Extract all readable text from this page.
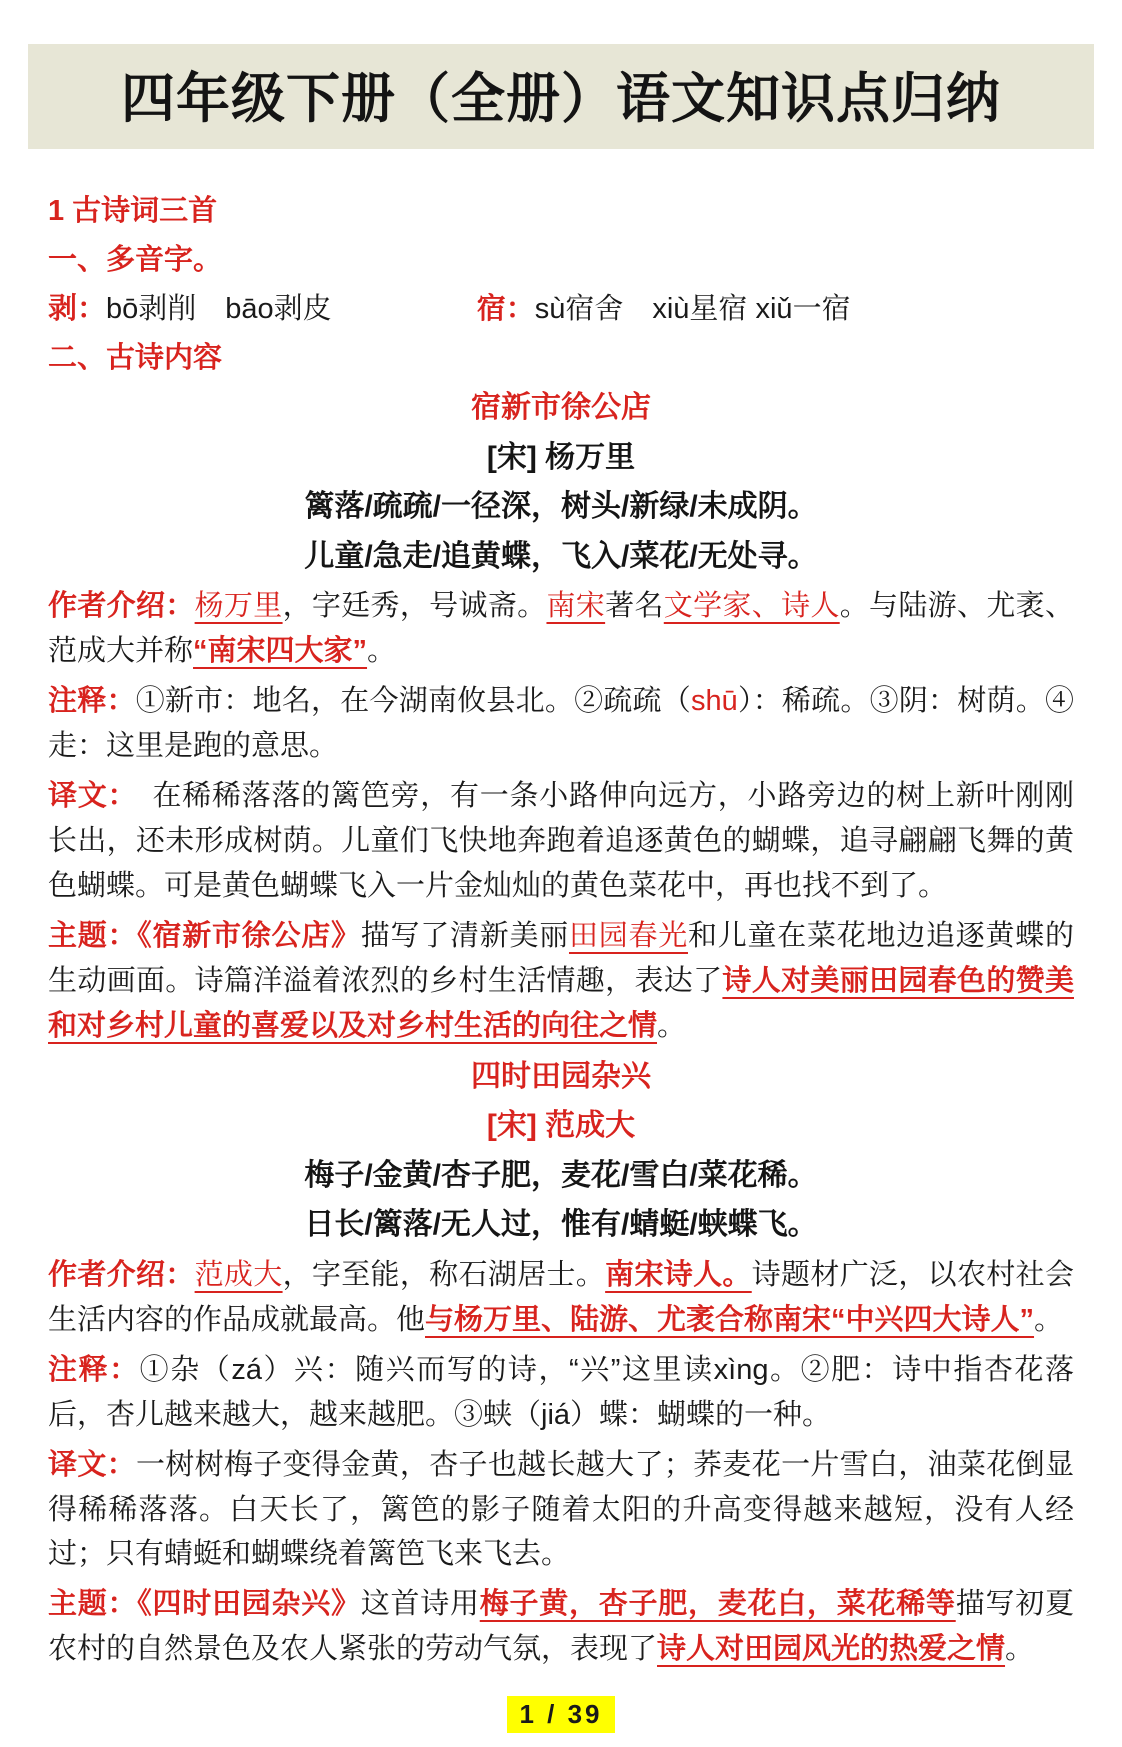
四年级下册（全册）语文知识点归纳
1 古诗词三首
一、多音字。
剥：bō剥削　bāo剥皮　　　　　	宿：sù宿舍　xiù星宿 xiǔ一宿
二、古诗内容
宿新市徐公店
[宋] 杨万里
篱落/疏疏/一径深，树头/新绿/未成阴。
儿童/急走/追黄蝶，飞入/菜花/无处寻。
作者介绍：杨万里，字廷秀，号诚斋。南宋著名文学家、诗人。与陆游、尤袤、范成大并称“南宋四大家”。
注释：①新市：地名，在今湖南攸县北。②疏疏（shū）：稀疏。③阴：树荫。④走：这里是跑的意思。
译文：　在稀稀落落的篱笆旁，有一条小路伸向远方，小路旁边的树上新叶刚刚长出，还未形成树荫。儿童们飞快地奔跑着追逐黄色的蝴蝶，追寻翩翩飞舞的黄色蝴蝶。可是黄色蝴蝶飞入一片金灿灿的黄色菜花中，再也找不到了。
主题：《宿新市徐公店》描写了清新美丽田园春光和儿童在菜花地边追逐黄蝶的生动画面。诗篇洋溢着浓烈的乡村生活情趣，表达了诗人对美丽田园春色的赞美和对乡村儿童的喜爱以及对乡村生活的向往之情。
四时田园杂兴
[宋] 范成大
梅子/金黄/杏子肥，麦花/雪白/菜花稀。
日长/篱落/无人过，惟有/蜻蜓/蛱蝶飞。
作者介绍：范成大，字至能，称石湖居士。南宋诗人。诗题材广泛，以农村社会生活内容的作品成就最高。他与杨万里、陆游、尤袤合称南宋“中兴四大诗人”。
注释：①杂（zá）兴：随兴而写的诗，“兴”这里读xìng。②肥：诗中指杏花落后，杏儿越来越大，越来越肥。③蛱（jiá）蝶：蝴蝶的一种。
译文：一树树梅子变得金黄，杏子也越长越大了；荞麦花一片雪白，油菜花倒显得稀稀落落。白天长了，篱笆的影子随着太阳的升高变得越来越短，没有人经过；只有蜻蜓和蝴蝶绕着篱笆飞来飞去。
主题：《四时田园杂兴》这首诗用梅子黄，杏子肥，麦花白，菜花稀等描写初夏农村的自然景色及农人紧张的劳动气氛，表现了诗人对田园风光的热爱之情。
1 / 39
